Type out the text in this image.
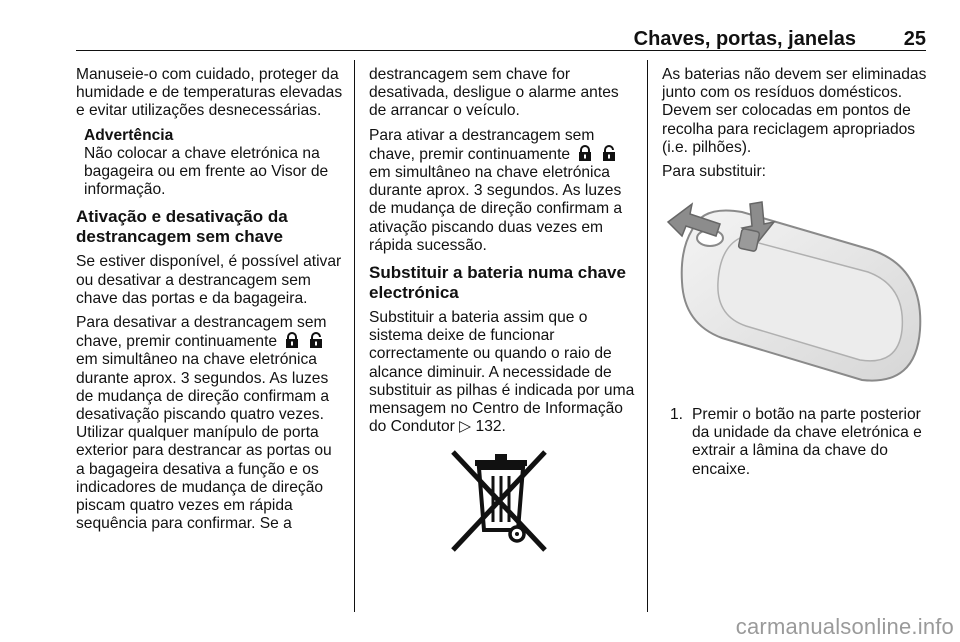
Chaves, portas, janelas 25

Manuseie-o com cuidado, proteger da humidade e de temperaturas elevadas e evitar utilizações desnecessárias.

Advertência
Não colocar a chave eletrónica na bagageira ou em frente ao Visor de informação.
Ativação e desativação da destrancagem sem chave

Se estiver disponível, é possível ativar ou desativar a destrancagem sem chave das portas e da bagageira.

Para desativar a destrancagem sem chave, premir continuamente   em simultâneo na chave eletrónica durante aprox. 3 segundos. As luzes de mudança de direção confirmam a desativação piscando quatro vezes. Utilizar qualquer manípulo de porta exterior para destrancar as portas ou a bagageira desativa a função e os indicadores de mudança de direção piscam quatro vezes em rápida sequência para confirmar. Se a

destrancagem sem chave for desativada, desligue o alarme antes de arrancar o veículo.

Para ativar a destrancagem sem chave, premir continuamente   em simultâneo na chave eletrónica durante aprox. 3 segundos. As luzes de mudança de direção confirmam a ativação piscando duas vezes em rápida sucessão.

Substituir a bateria numa chave electrónica

Substituir a bateria assim que o sistema deixe de funcionar correctamente ou quando o raio de alcance diminuir. A necessidade de substituir as pilhas é indicada por uma mensagem no Centro de Informação do Condutor ▷ 132.

As baterias não devem ser eliminadas junto com os resíduos domésticos. Devem ser colocadas em pontos de recolha para reciclagem apropriados (i.e. pilhões).

Para substituir:

1. Premir o botão na parte posterior da unidade da chave eletrónica e extrair a lâmina da chave do encaixe.
carmanualsonline.info
